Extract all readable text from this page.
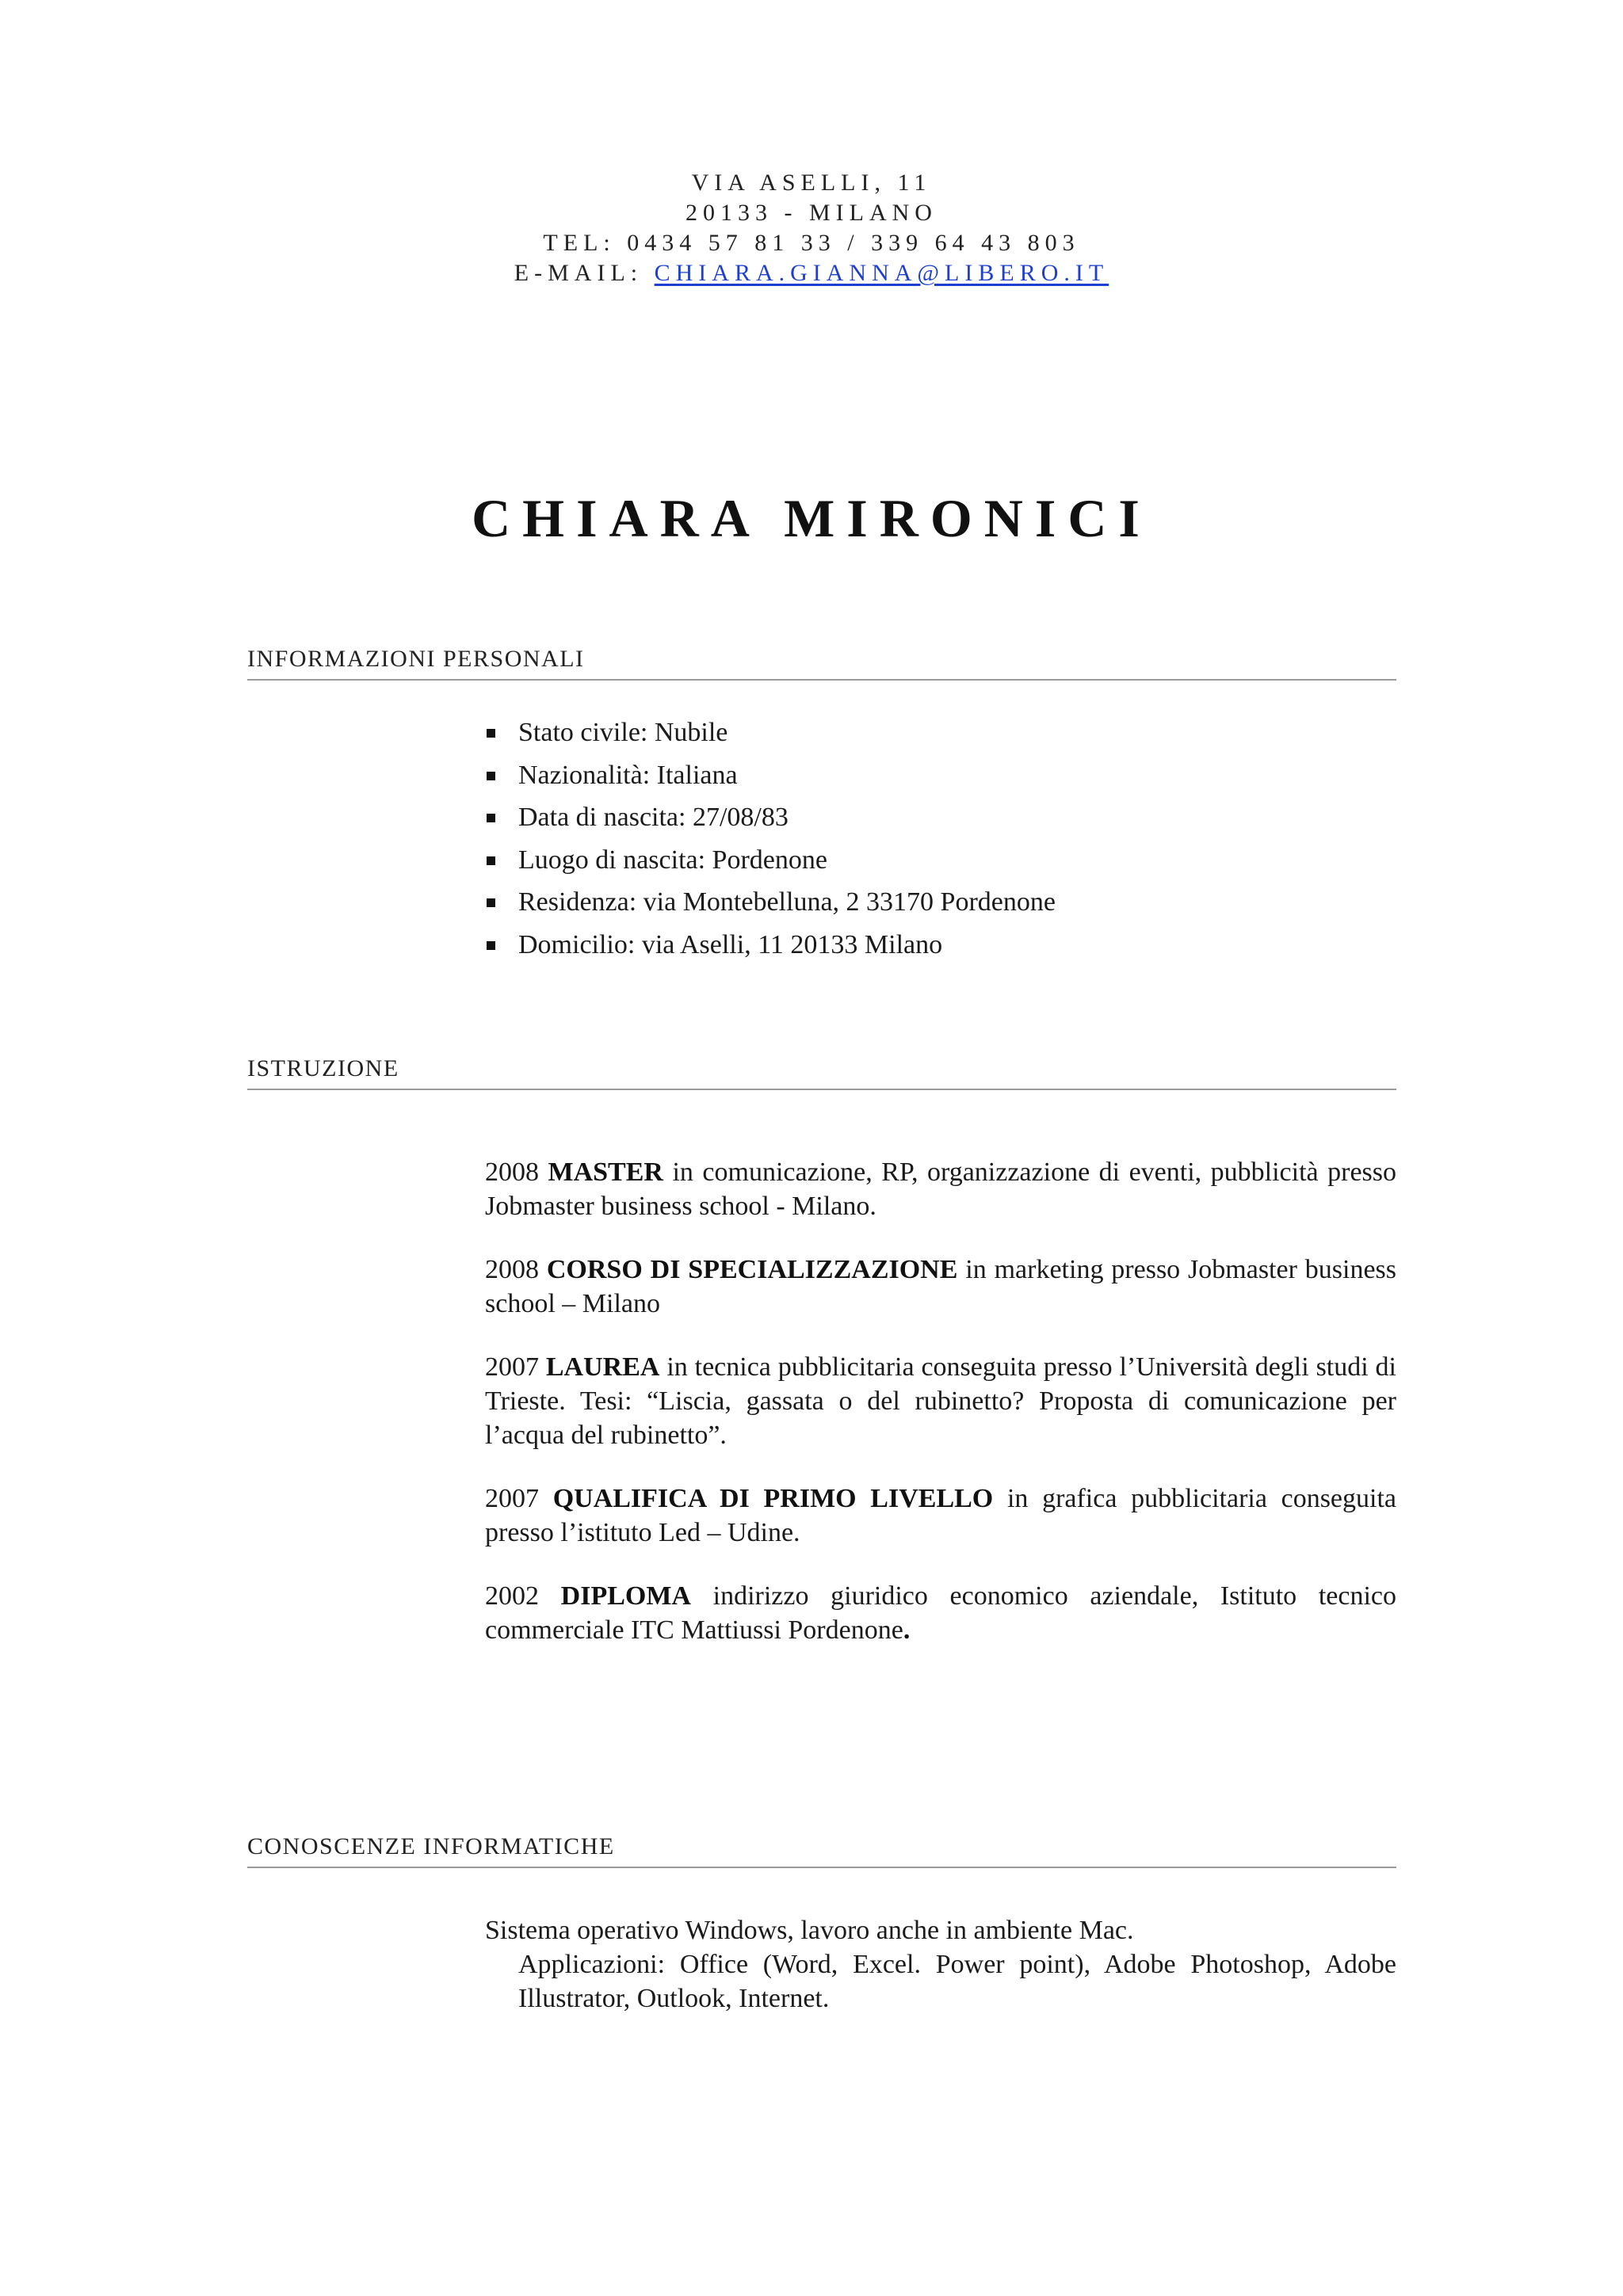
VIA ASELLI, 11
20133 - MILANO
TEL: 0434 57 81 33 / 339 64 43 803
E-MAIL: CHIARA.GIANNA@LIBERO.IT
CHIARA MIRONICI
INFORMAZIONI PERSONALI
Stato civile: Nubile
Nazionalità: Italiana
Data di nascita: 27/08/83
Luogo di nascita: Pordenone
Residenza: via Montebelluna, 2 33170 Pordenone
Domicilio: via Aselli, 11 20133 Milano
ISTRUZIONE

2008 MASTER in comunicazione, RP, organizzazione di eventi, pubblicità presso Jobmaster business school - Milano.

2008 CORSO DI SPECIALIZZAZIONE in marketing presso Jobmaster business school – Milano

2007 LAUREA in tecnica pubblicitaria conseguita presso l’Università degli studi di Trieste. Tesi: “Liscia, gassata o del rubinetto? Proposta di comunicazione per l’acqua del rubinetto”.

2007 QUALIFICA DI PRIMO LIVELLO in grafica pubblicitaria conseguita presso l’istituto Led – Udine.

2002 DIPLOMA indirizzo giuridico economico aziendale, Istituto tecnico commerciale ITC Mattiussi Pordenone.

CONOSCENZE INFORMATICHE
Sistema operativo Windows, lavoro anche in ambiente Mac.
Applicazioni: Office (Word, Excel. Power point), Adobe Photoshop, Adobe Illustrator, Outlook, Internet.
